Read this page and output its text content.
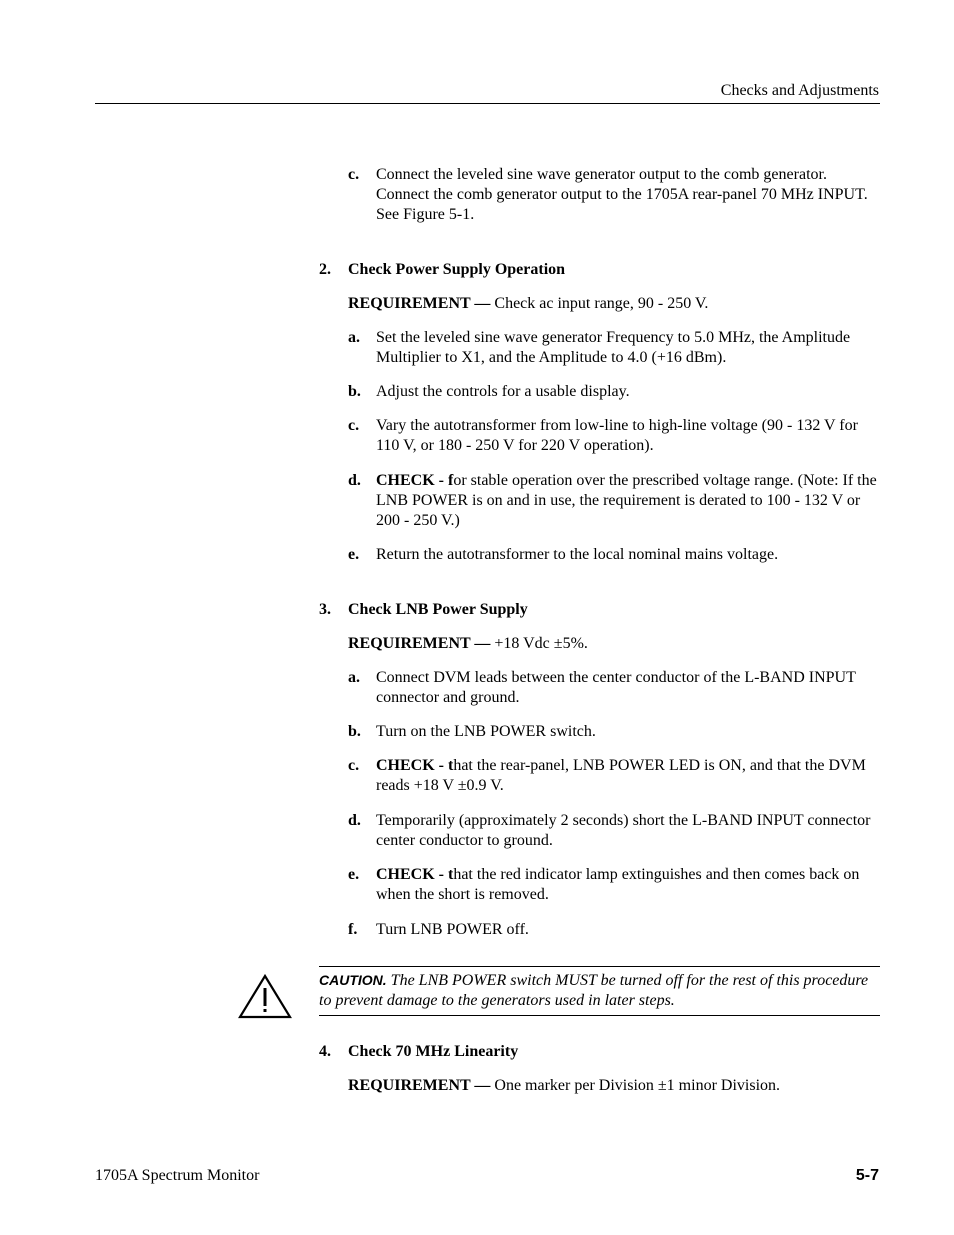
Checks and Adjustments
c. Connect the leveled sine wave generator output to the comb generator. Connect the comb generator output to the 1705A rear-panel 70 MHz INPUT. See Figure 5-1.
2. Check Power Supply Operation
REQUIREMENT — Check ac input range, 90 - 250 V.
a. Set the leveled sine wave generator Frequency to 5.0 MHz, the Amplitude Multiplier to X1, and the Amplitude to 4.0 (+16 dBm).
b. Adjust the controls for a usable display.
c. Vary the autotransformer from low-line to high-line voltage (90 - 132 V for 110 V, or 180 - 250 V for 220 V operation).
d. CHECK - for stable operation over the prescribed voltage range. (Note: If the LNB POWER is on and in use, the requirement is derated to 100 - 132 V or 200 - 250 V.)
e. Return the autotransformer to the local nominal mains voltage.
3. Check LNB Power Supply
REQUIREMENT — +18 Vdc ±5%.
a. Connect DVM leads between the center conductor of the L-BAND INPUT connector and ground.
b. Turn on the LNB POWER switch.
c. CHECK - that the rear-panel, LNB POWER LED is ON, and that the DVM reads +18 V ±0.9 V.
d. Temporarily (approximately 2 seconds) short the L-BAND INPUT connector center conductor to ground.
e. CHECK - that the red indicator lamp extinguishes and then comes back on when the short is removed.
f. Turn LNB POWER off.
CAUTION. The LNB POWER switch MUST be turned off for the rest of this procedure to prevent damage to the generators used in later steps.
4. Check 70 MHz Linearity
REQUIREMENT — One marker per Division ±1 minor Division.
1705A Spectrum Monitor	5-7
